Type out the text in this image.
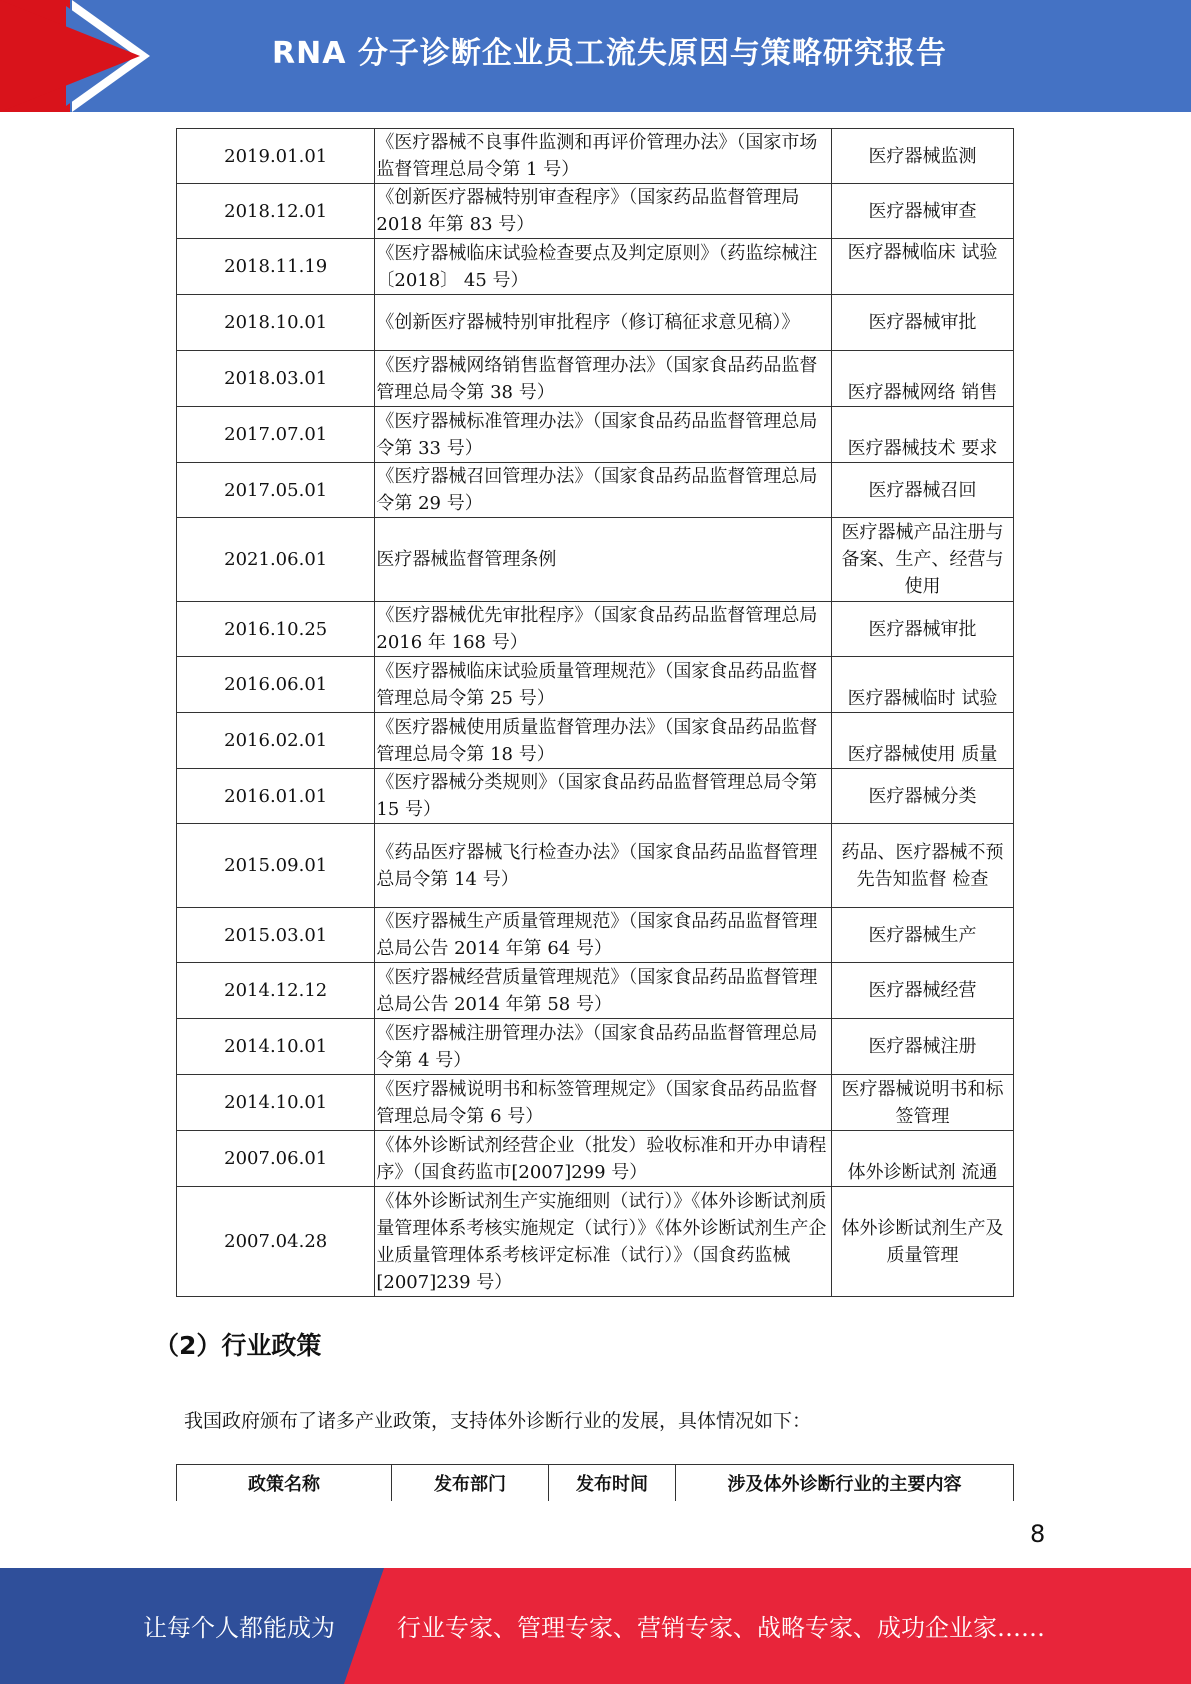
RNA 分子诊断企业员工流失原因与策略研究报告
2019.01.01	《医疗器械不良事件监测和再评价管理办法》（国家市场监督管理总局令第 1 号）	医疗器械监测
2018.12.01	《创新医疗器械特别审查程序》（国家药品监督管理局 2018 年第 83 号）	医疗器械审查
2018.11.19	《医疗器械临床试验检查要点及判定原则》（药监综械注〔2018〕 45 号）	医疗器械临床 试验
2018.10.01	《创新医疗器械特别审批程序（修订稿征求意见稿）》	医疗器械审批
2018.03.01	《医疗器械网络销售监督管理办法》（国家食品药品监督管理总局令第 38 号）	医疗器械网络 销售
2017.07.01	《医疗器械标准管理办法》（国家食品药品监督管理总局令第 33 号）	医疗器械技术 要求
2017.05.01	《医疗器械召回管理办法》（国家食品药品监督管理总局令第 29 号）	医疗器械召回
2021.06.01	医疗器械监督管理条例	医疗器械产品注册与备案、生产、经营与使用
2016.10.25	《医疗器械优先审批程序》（国家食品药品监督管理总局 2016 年 168 号）	医疗器械审批
2016.06.01	《医疗器械临床试验质量管理规范》（国家食品药品监督管理总局令第 25 号）	医疗器械临时 试验
2016.02.01	《医疗器械使用质量监督管理办法》（国家食品药品监督管理总局令第 18 号）	医疗器械使用 质量
2016.01.01	《医疗器械分类规则》（国家食品药品监督管理总局令第 15 号）	医疗器械分类
2015.09.01	《药品医疗器械飞行检查办法》（国家食品药品监督管理总局令第 14 号）	药品、医疗器械不预先告知监督 检查
2015.03.01	《医疗器械生产质量管理规范》（国家食品药品监督管理总局公告 2014 年第 64 号）	医疗器械生产
2014.12.12	《医疗器械经营质量管理规范》（国家食品药品监督管理总局公告 2014 年第 58 号）	医疗器械经营
2014.10.01	《医疗器械注册管理办法》（国家食品药品监督管理总局令第 4 号）	医疗器械注册
2014.10.01	《医疗器械说明书和标签管理规定》（国家食品药品监督管理总局令第 6 号）	医疗器械说明书和标签管理
2007.06.01	《体外诊断试剂经营企业（批发）验收标准和开办申请程序》（国食药监市[2007]299 号）	体外诊断试剂 流通
2007.04.28	《体外诊断试剂生产实施细则（试行）》《体外诊断试剂质量管理体系考核实施规定（试行）》《体外诊断试剂生产企业质量管理体系考核评定标准（试行）》（国食药监械[2007]239 号）	体外诊断试剂生产及质量管理
（2）行业政策
我国政府颁布了诸多产业政策，支持体外诊断行业的发展，具体情况如下：
政策名称	发布部门	发布时间	涉及体外诊断行业的主要内容
8
让每个人都能成为	行业专家、管理专家、营销专家、战略专家、成功企业家……
